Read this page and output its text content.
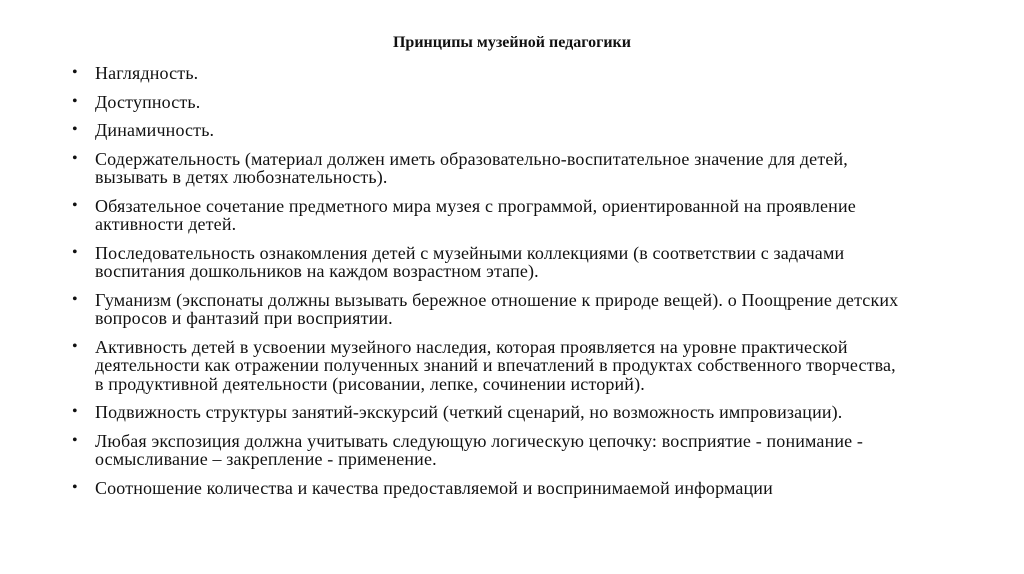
Принципы музейной педагогики
• Наглядность.
• Доступность.
• Динамичность.
• Содержательность (материал должен иметь образовательно-воспитательное значение для детей,
вызывать в детях любознательность).
• Обязательное сочетание предметного мира музея с программой, ориентированной на проявление
активности детей.
• Последовательность ознакомления детей с музейными коллекциями (в соответствии с задачами
воспитания дошкольников на каждом возрастном этапе).
• Гуманизм (экспонаты должны вызывать бережное отношение к природе вещей). о Поощрение детских
вопросов и фантазий при восприятии.
• Активность детей в усвоении музейного наследия, которая проявляется на уровне практической
деятельности как отражении полученных знаний и впечатлений в продуктах собственного творчества,
в продуктивной деятельности (рисовании, лепке, сочинении историй).
• Подвижность структуры занятий-экскурсий (четкий сценарий, но возможность импровизации).
• Любая экспозиция должна учитывать следующую логическую цепочку: восприятие - понимание -
осмысливание – закрепление - применение.
• Соотношение количества и качества предоставляемой и воспринимаемой информации
